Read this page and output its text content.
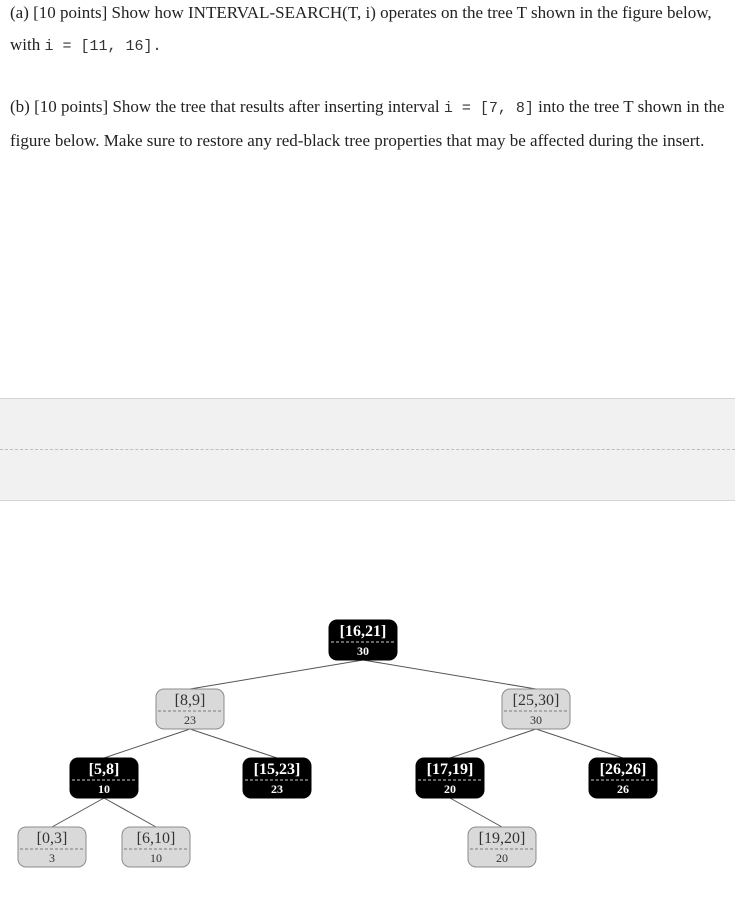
(a) [10 points] Show how INTERVAL-SEARCH(T, i) operates on the tree T shown in the figure below, with i = [11, 16].

(b) [10 points] Show the tree that results after inserting interval i = [7, 8] into the tree T shown in the figure below. Make sure to restore any red-black tree properties that may be affected during the insert.

[16,21]
30
[8,9]
23
[25,30]
30
[5,8]
10
[15,23]
23
[17,19]
20
[26,26]
26
[0,3]
3
[6,10]
10
[19,20]
20
